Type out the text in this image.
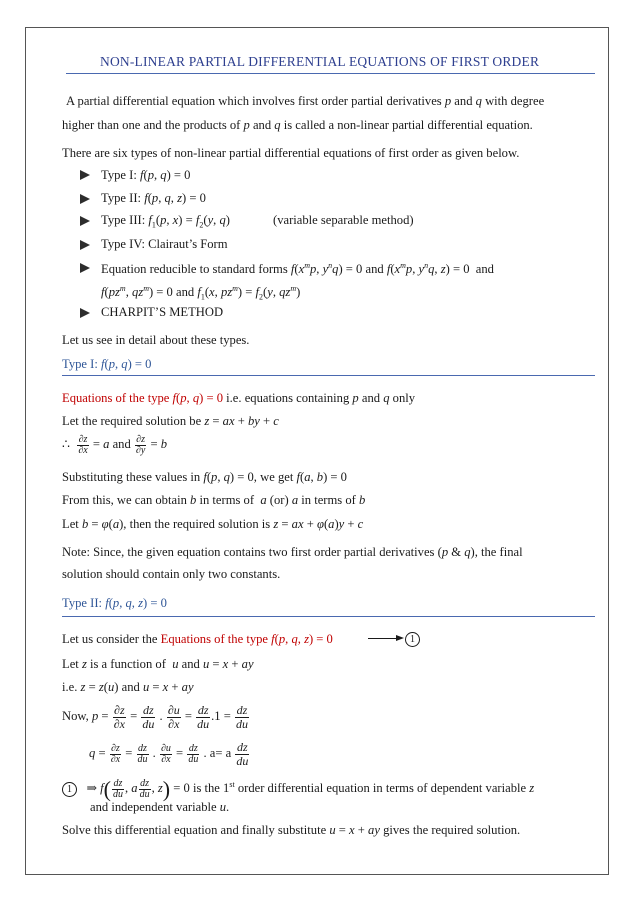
NON-LINEAR PARTIAL DIFFERENTIAL EQUATIONS OF FIRST ORDER
A partial differential equation which involves first order partial derivatives p and q with degree
higher than one and the products of p and q is called a non-linear partial differential equation.
There are six types of non-linear partial differential equations of first order as given below.
Type I: f(p, q) = 0
Type II: f(p, q, z) = 0
Type III: $f_1(p$, $x) = f_2(y$, q)	(variable separable method)
Type IV: Clairaut’s Form
Equation reducible to standard forms $f(x^mp$, $y^nq) = 0$ and $f(x^mp$, $y^nq$, z) = 0  and
$f(pz^m$, $qz^m) = 0$ and $f_1(x$, $pz^m) = f_2(y$, $qz^m$)
CHARPIT’S METHOD
Let us see in detail about these types.
Type I: f(p, q) = 0
Equations of the type f(p, q) = 0 i.e. equations containing p and q only
Let the required solution be z = ax + by + c
∴ $\frac{\partial z}{\partial x} = a$ and $\frac{\partial z}{\partial y} = b$
Substituting these values in f(p, q) = 0, we get f(a, b) = 0
From this, we can obtain b in terms of  a (or) a in terms of b
Let b = φ(a), then the required solution is z = ax + φ(a)y + c
Note: Since, the given equation contains two first order partial derivatives (p & q), the final
solution should contain only two constants.
Type II: f(p, q, z) = 0
Let us consider the Equations of the type f(p, q, z) = 0	1
Let z is a function of  u and u = x + ay
i.e. z = z(u) and u = x + ay
Now, $p = \frac{\partial z}{\partial x} = \frac{dz}{du}$ . $\frac{\partial u}{\partial x} = \frac{dz}{du} .1 = \frac{dz}{du}$
$q = \frac{\partial z}{\partial x} = \frac{dz}{du}$ . $\frac{\partial u}{\partial x} = \frac{dz}{du}$ . a= a $\frac{dz}{du}$
1   ⇒ $f( \frac{dz}{du}$ , a $\frac{dz}{du}$ , z) = 0 is the 1st order differential equation in terms of dependent variable z
and independent variable u.
Solve this differential equation and finally substitute u = x + ay gives the required solution.
